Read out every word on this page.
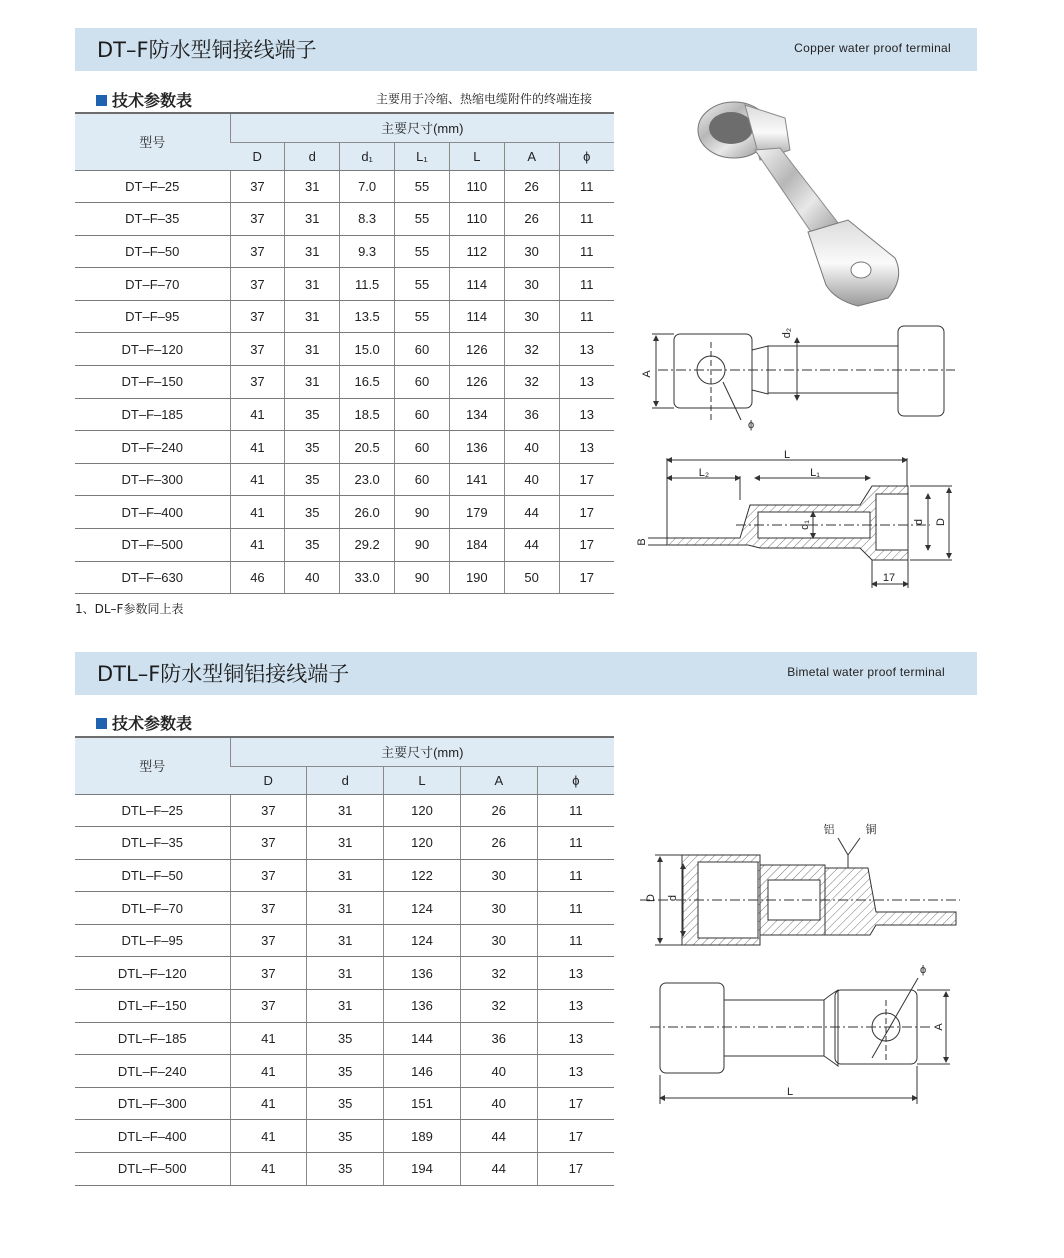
DT–F防水型铜接线端子	Copper water proof terminal
技术参数表	主要用于冷缩、热缩电缆附件的终端连接
型号	主要尺寸(mm)						
	D	d	d₁	L₁	L	A	ϕ
DT–F–25	37	31	7.0	55	110	26	11
DT–F–35	37	31	8.3	55	110	26	11
DT–F–50	37	31	9.3	55	112	30	11
DT–F–70	37	31	11.5	55	114	30	11
DT–F–95	37	31	13.5	55	114	30	11
DT–F–120	37	31	15.0	60	126	32	13
DT–F–150	37	31	16.5	60	126	32	13
DT–F–185	41	35	18.5	60	134	36	13
DT–F–240	41	35	20.5	60	136	40	13
DT–F–300	41	35	23.0	60	141	40	17
DT–F–400	41	35	26.0	90	179	44	17
DT–F–500	41	35	29.2	90	184	44	17
DT–F–630	46	40	33.0	90	190	50	17
1、DL–F参数同上表
DTL–F防水型铜铝接线端子	Bimetal water proof terminal
技术参数表
型号	主要尺寸(mm)				
	D	d	L	A	ϕ
DTL–F–25	37	31	120	26	11
DTL–F–35	37	31	120	26	11
DTL–F–50	37	31	122	30	11
DTL–F–70	37	31	124	30	11
DTL–F–95	37	31	124	30	11
DTL–F–120	37	31	136	32	13
DTL–F–150	37	31	136	32	13
DTL–F–185	41	35	144	36	13
DTL–F–240	41	35	146	40	13
DTL–F–300	41	35	151	40	17
DTL–F–400	41	35	189	44	17
DTL–F–500	41	35	194	44	17
A
d₂
ϕ
L
L₂	L₁
d₁	d D
B
17
铝	铜
D d
ϕ
A
L
